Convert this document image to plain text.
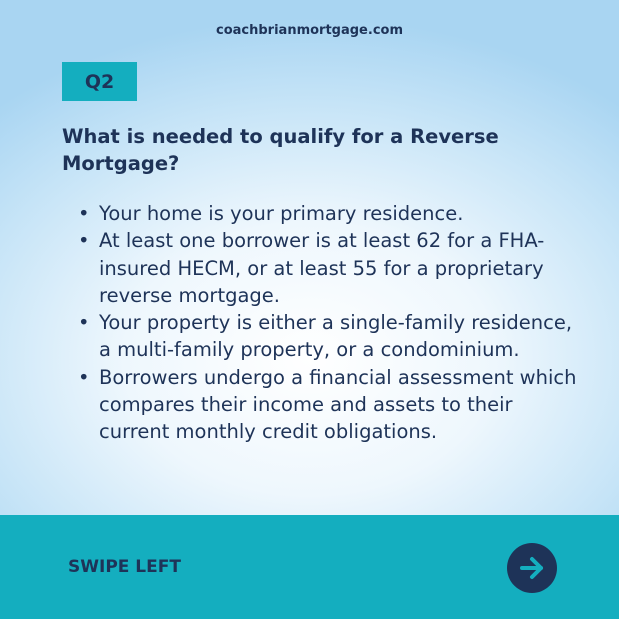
coachbrianmortgage.com
Q2
What is needed to qualify for a Reverse Mortgage?
• Your home is your primary residence.
• At least one borrower is at least 62 for a FHA-insured HECM, or at least 55 for a proprietary reverse mortgage.
• Your property is either a single-family residence, a multi-family property, or a condominium.
• Borrowers undergo a financial assessment which compares their income and assets to their current monthly credit obligations.
SWIPE LEFT
